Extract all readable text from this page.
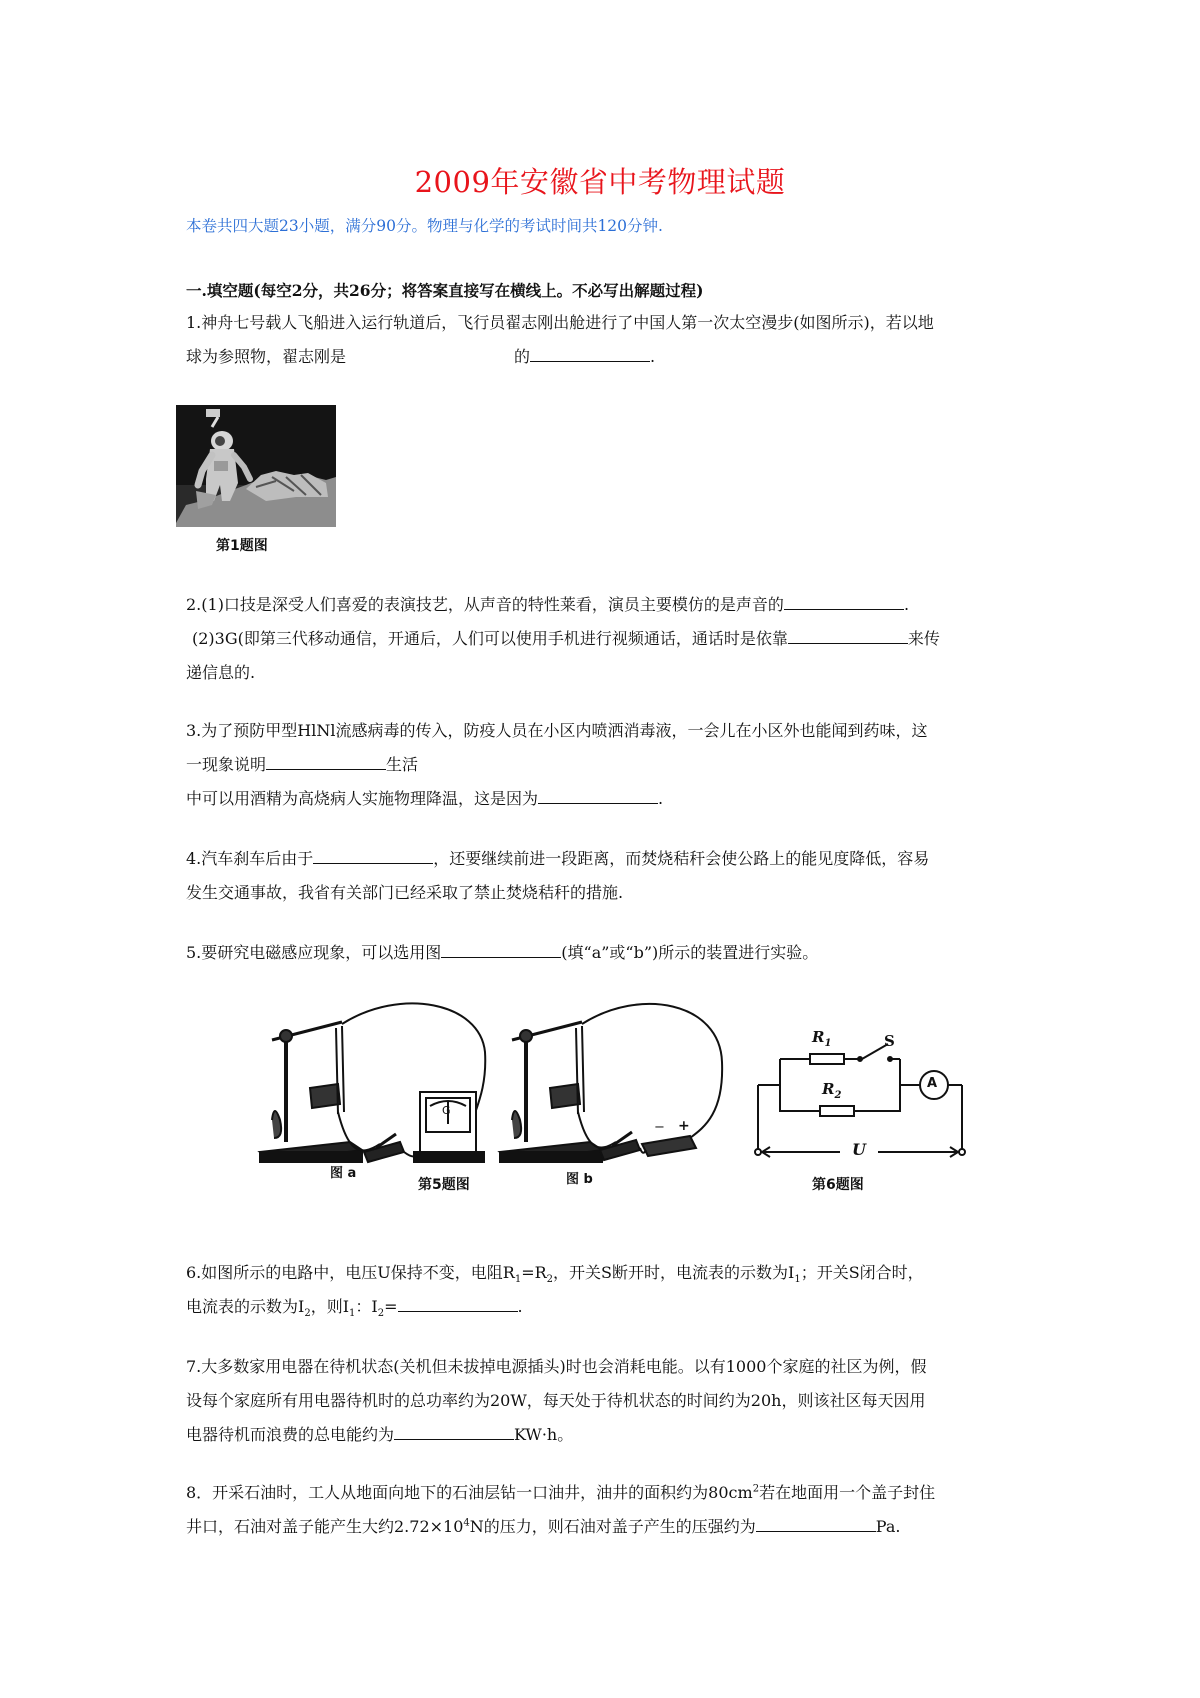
2009年安徽省中考物理试题
本卷共四大题23小题，满分90分。物理与化学的考试时间共120分钟.
一.填空题(每空2分，共26分；将答案直接写在横线上。不必写出解题过程)
1.神舟七号载人飞船进入运行轨道后，飞行员翟志刚出舱进行了中国人第一次太空漫步(如图所示)，若以地
球为参照物，翟志刚是	的	.
第1题图
2.(1)口技是深受人们喜爱的表演技艺，从声音的特性莱看，演员主要模仿的是声音的	.
(2)3G(即第三代移动通信，开通后，人们可以使用手机进行视频通话，通话时是依靠	来传
递信息的.
3.为了预防甲型HlNl流感病毒的传入，防疫人员在小区内喷洒消毒液，一会儿在小区外也能闻到药味，这
一现象说明	生活
中可以用酒精为高烧病人实施物理降温，这是因为	.
4.汽车刹车后由于	，还要继续前进一段距离，而焚烧秸秆会使公路上的能见度降低，容易
发生交通事故，我省有关部门已经采取了禁止焚烧秸秆的措施.
5.要研究电磁感应现象，可以选用图	(填“a”或“b”)所示的装置进行实验。
图 a
第5题图	图 b	第6题图
G
− +
$R_1$	S
$R_2$
A
U
6.如图所示的电路中，电压U保持不变，电阻$R_1=R_2$，开关S断开时，电流表的示数为$I_1$；开关S闭合时，
电流表的示数为$I_2$，则$I_1$：$I_2=$	.
7.大多数家用电器在待机状态(关机但未拔掉电源插头)时也会消耗电能。以有1000个家庭的社区为例，假
设每个家庭所有用电器待机时的总功率约为20W，每天处于待机状态的时间约为20h，则该社区每天因用
电器待机而浪费的总电能约为	KW·h。
8．开采石油时，工人从地面向地下的石油层钻一口油井，油井的面积约为$80cm^2$若在地面用一个盖子封住
井口，石油对盖子能产生大约$2.72\times 10^4N$的压力，则石油对盖子产生的压强约为	Pa.
